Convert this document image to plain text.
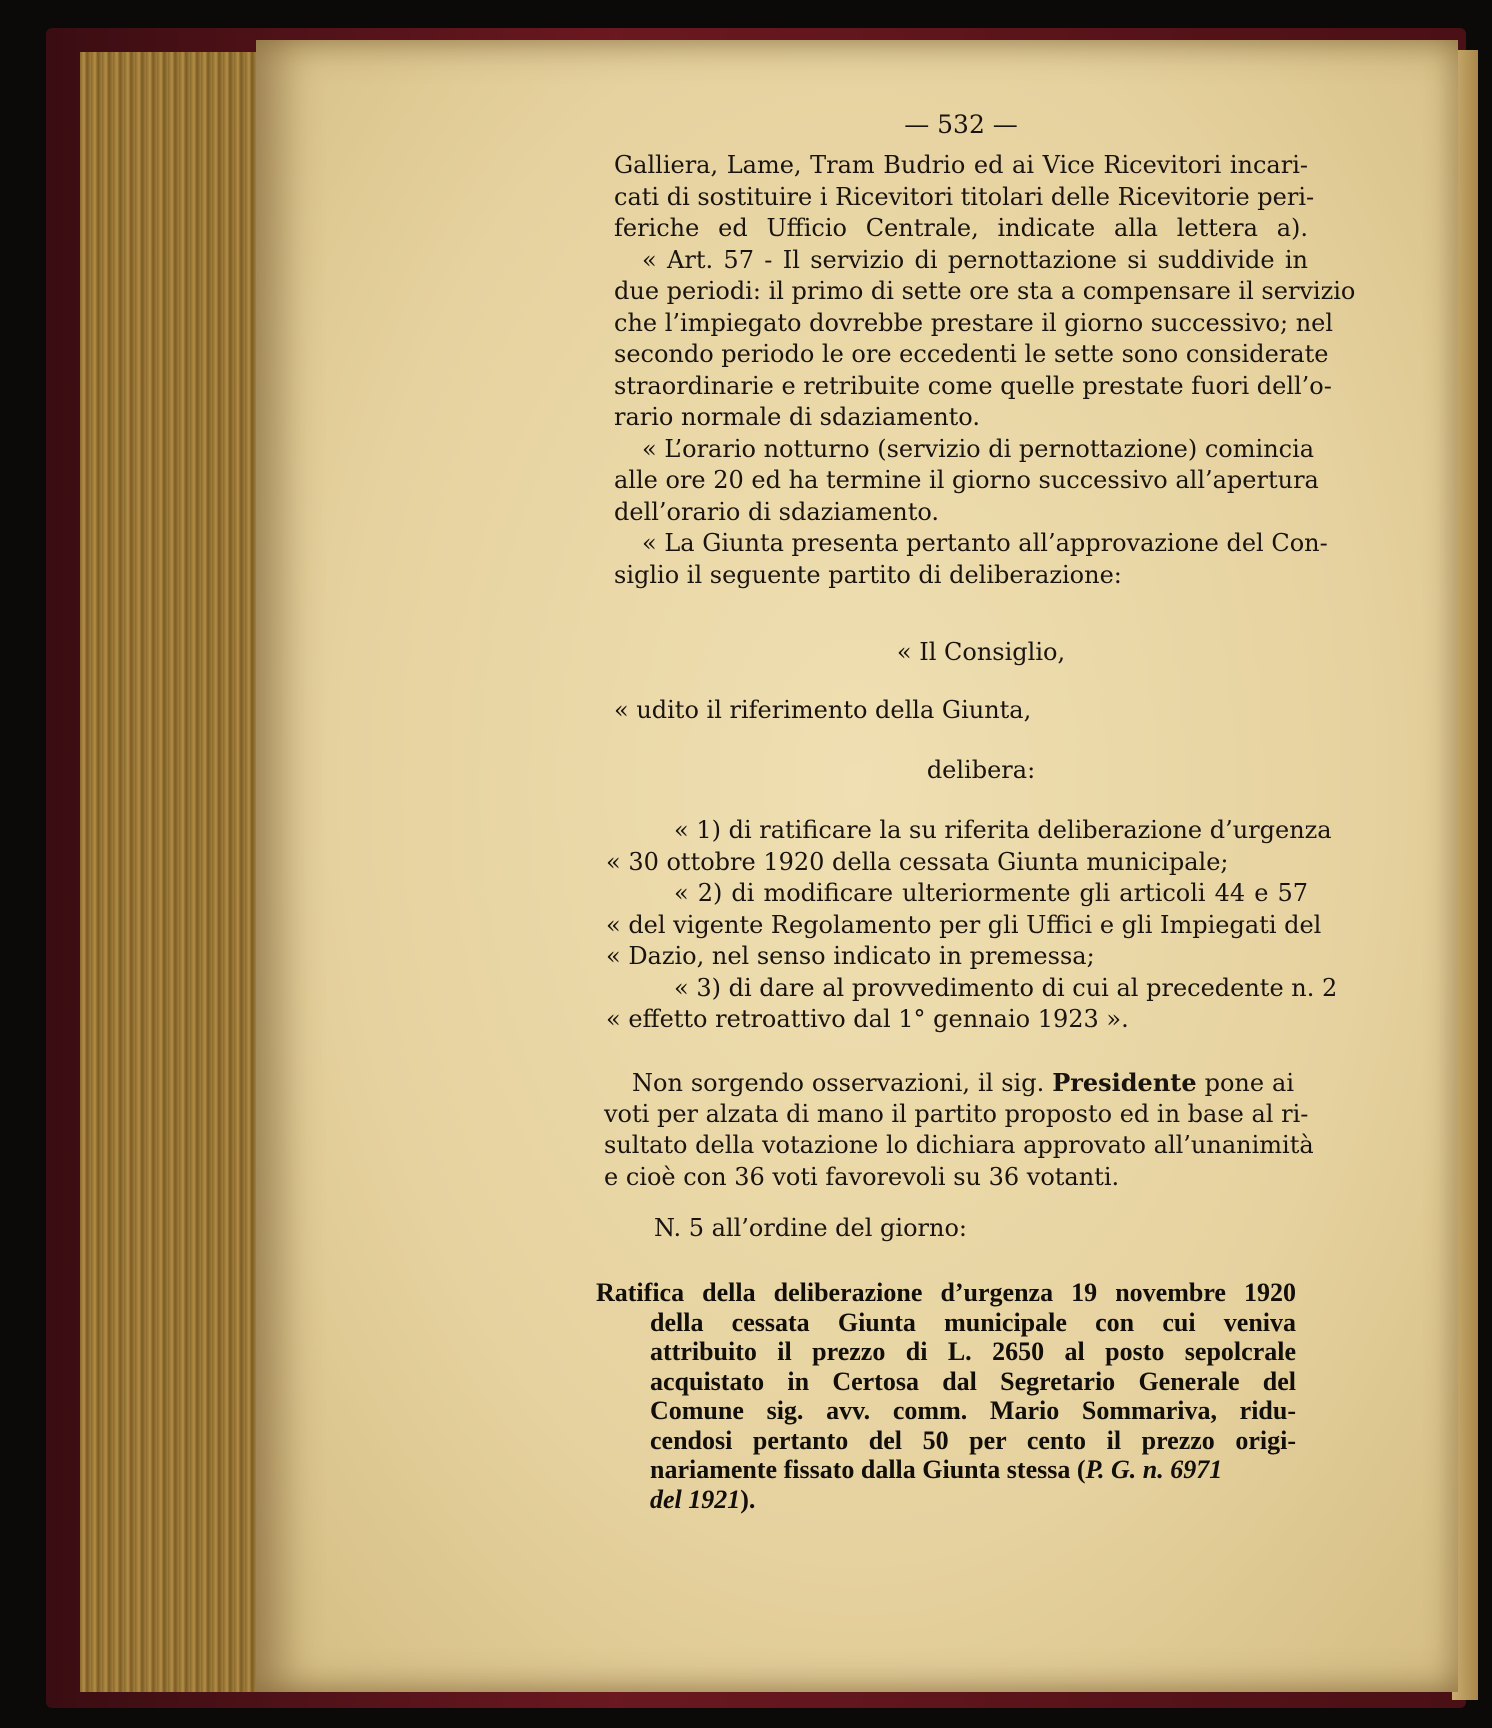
— 532 —
Galliera, Lame, Tram Budrio ed ai Vice Ricevitori incari-
cati di sostituire i Ricevitori titolari delle Ricevitorie peri-
feriche ed Ufficio Centrale, indicate alla lettera a).
« Art. 57 - Il servizio di pernottazione si suddivide in
due periodi: il primo di sette ore sta a compensare il servizio
che l’impiegato dovrebbe prestare il giorno successivo; nel
secondo periodo le ore eccedenti le sette sono considerate
straordinarie e retribuite come quelle prestate fuori dell’o-
rario normale di sdaziamento.
« L’orario notturno (servizio di pernottazione) comincia
alle ore 20 ed ha termine il giorno successivo all’apertura
dell’orario di sdaziamento.
« La Giunta presenta pertanto all’approvazione del Con-
siglio il seguente partito di deliberazione:
« Il Consiglio,
« udito il riferimento della Giunta,
delibera:
« 1) di ratificare la su riferita deliberazione d’urgenza
« 30 ottobre 1920 della cessata Giunta municipale;
« 2) di modificare ulteriormente gli articoli 44 e 57
« del vigente Regolamento per gli Uffici e gli Impiegati del
« Dazio, nel senso indicato in premessa;
« 3) di dare al provvedimento di cui al precedente n. 2
« effetto retroattivo dal 1° gennaio 1923 ».
Non sorgendo osservazioni, il sig. Presidente pone ai
voti per alzata di mano il partito proposto ed in base al ri-
sultato della votazione lo dichiara approvato all’unanimità
e cioè con 36 voti favorevoli su 36 votanti.
N. 5 all’ordine del giorno:
Ratifica della deliberazione d’urgenza 19 novembre 1920
della cessata Giunta municipale con cui veniva
attribuito il prezzo di L. 2650 al posto sepolcrale
acquistato in Certosa dal Segretario Generale del
Comune sig. avv. comm. Mario Sommariva, ridu-
cendosi pertanto del 50 per cento il prezzo origi-
nariamente fissato dalla Giunta stessa (P. G. n. 6971
del 1921).
